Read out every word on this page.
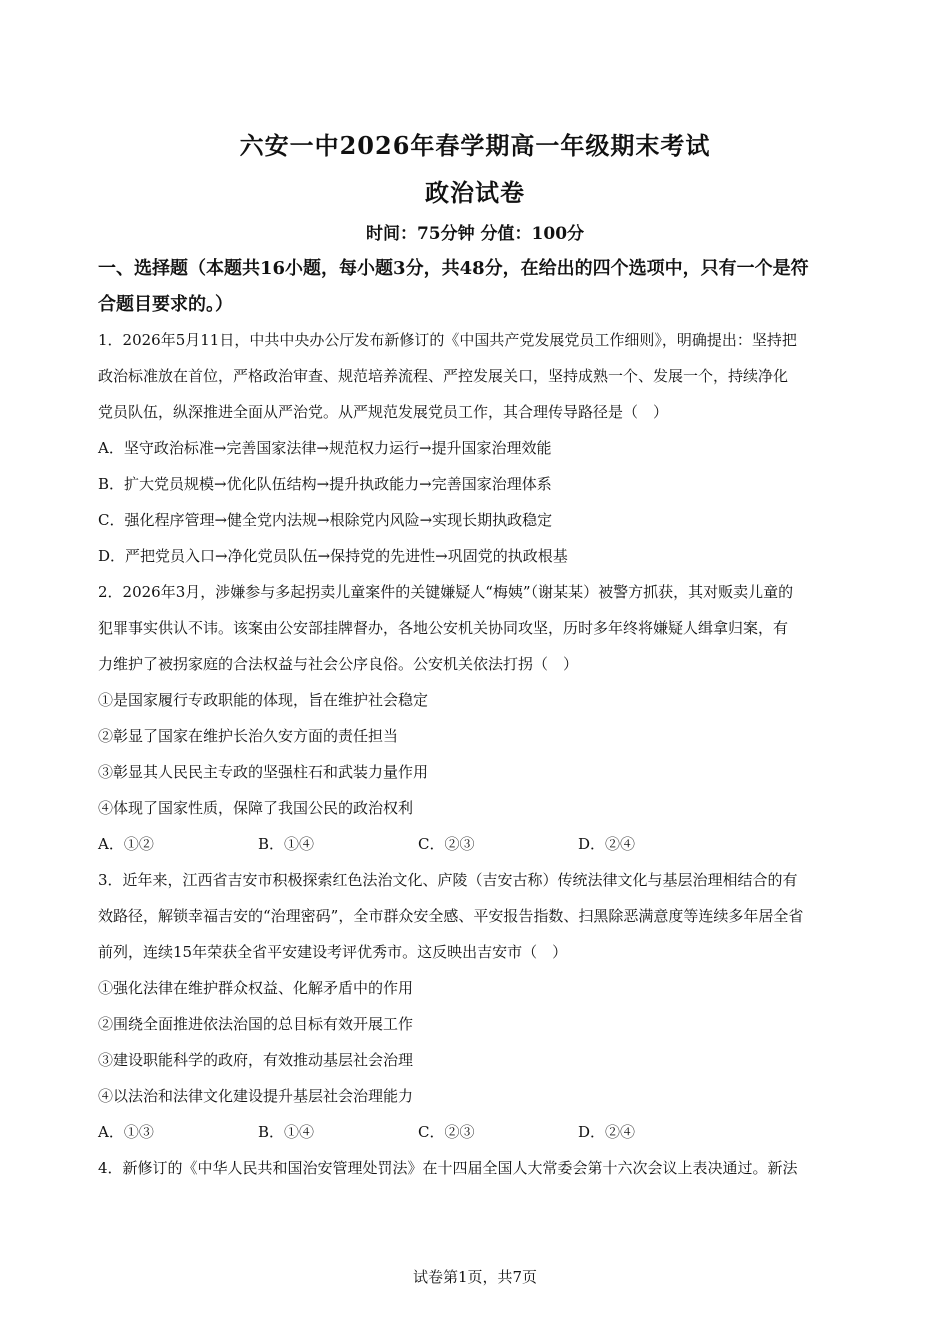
六安一中2026年春学期高一年级期末考试
政治试卷
时间：75分钟 分值：100分
一、选择题（本题共16小题，每小题3分，共48分，在给出的四个选项中，只有一个是符
合题目要求的。）
1．2026年5月11日，中共中央办公厅发布新修订的《中国共产党发展党员工作细则》，明确提出：坚持把
政治标准放在首位，严格政治审查、规范培养流程、严控发展关口，坚持成熟一个、发展一个，持续净化
党员队伍，纵深推进全面从严治党。从严规范发展党员工作，其合理传导路径是（　）
A．坚守政治标准→完善国家法律→规范权力运行→提升国家治理效能
B．扩大党员规模→优化队伍结构→提升执政能力→完善国家治理体系
C．强化程序管理→健全党内法规→根除党内风险→实现长期执政稳定
D．严把党员入口→净化党员队伍→保持党的先进性→巩固党的执政根基
2．2026年3月，涉嫌参与多起拐卖儿童案件的关键嫌疑人“梅姨”（谢某某）被警方抓获，其对贩卖儿童的
犯罪事实供认不讳。该案由公安部挂牌督办，各地公安机关协同攻坚，历时多年终将嫌疑人缉拿归案，有
力维护了被拐家庭的合法权益与社会公序良俗。公安机关依法打拐（　）
①是国家履行专政职能的体现，旨在维护社会稳定
②彰显了国家在维护长治久安方面的责任担当
③彰显其人民民主专政的坚强柱石和武装力量作用
④体现了国家性质，保障了我国公民的政治权利
A．①②	B．①④	C．②③	D．②④
3．近年来，江西省吉安市积极探索红色法治文化、庐陵（吉安古称）传统法律文化与基层治理相结合的有
效路径，解锁幸福吉安的“治理密码”，全市群众安全感、平安报告指数、扫黑除恶满意度等连续多年居全省
前列，连续15年荣获全省平安建设考评优秀市。这反映出吉安市（　）
①强化法律在维护群众权益、化解矛盾中的作用
②围绕全面推进依法治国的总目标有效开展工作
③建设职能科学的政府，有效推动基层社会治理
④以法治和法律文化建设提升基层社会治理能力
A．①③	B．①④	C．②③	D．②④
4．新修订的《中华人民共和国治安管理处罚法》在十四届全国人大常委会第十六次会议上表决通过。新法
试卷第1页，共7页
